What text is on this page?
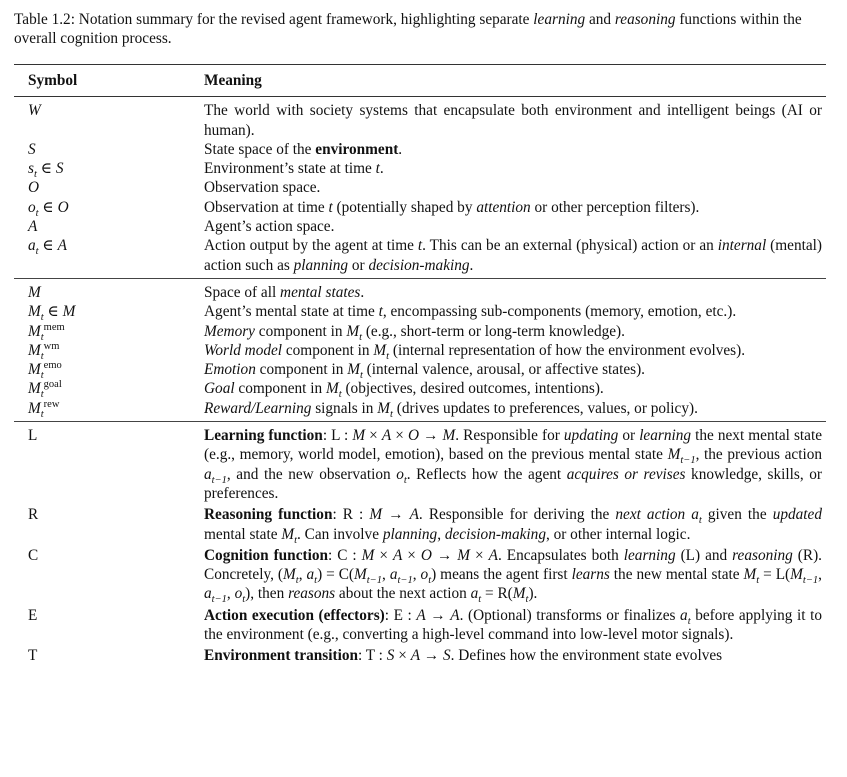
Table 1.2: Notation summary for the revised agent framework, highlighting separate learning and reasoning functions within the overall cognition process.
Symbol	Meaning
W	The world with society systems that encapsulate both environment and intelligent beings (AI or human).
S	State space of the environment.
$s_t$ ∈ S	Environment’s state at time t.
O	Observation space.
$o_t$ ∈ O	Observation at time t (potentially shaped by attention or other perception filters).
A	Agent’s action space.
$a_t$ ∈ A	Action output by the agent at time t. This can be an external (physical) action or an internal (mental) action such as planning or decision-making.
M	Space of all mental states.
$M_t$ ∈ M	Agent’s mental state at time t, encompassing sub-components (memory, emotion, etc.).
$M_t^{mem}$	Memory component in $M_t$ (e.g., short-term or long-term knowledge).
$M_t^{wm}$	World model component in $M_t$ (internal representation of how the environment evolves).
$M_t^{emo}$	Emotion component in $M_t$ (internal valence, arousal, or affective states).
$M_t^{goal}$	Goal component in $M_t$ (objectives, desired outcomes, intentions).
$M_t^{rew}$	Reward/Learning signals in $M_t$ (drives updates to preferences, values, or policy).
L	Learning function: L : M × A × O → M. Responsible for updating or learning the next mental state (e.g., memory, world model, emotion), based on the previous mental state $M_{t-1}$, the previous action $a_{t-1}$, and the new observation $o_t$. Reflects how the agent acquires or revises knowledge, skills, or preferences.
R	Reasoning function: R : M → A. Responsible for deriving the next action $a_t$ given the updated mental state $M_t$. Can involve planning, decision-making, or other internal logic.
C	Cognition function: C : M × A × O → M × A. Encapsulates both learning (L) and reasoning (R). Concretely, ($M_t$, $a_t) = C(M_{t-1}$, $a_{t-1}$, $o_t$) means the agent first learns the new mental state $M_t = L(M_{t-1}$, $a_{t-1}$, $o_t$), then reasons about the next action $a_t = R(M_t)$.
E	Action execution (effectors): E : A → A. (Optional) transforms or finalizes $a_t$ before applying it to the environment (e.g., converting a high-level command into low-level motor signals).
T	Environment transition: T : S × A → S. Defines how the environment state evolves
